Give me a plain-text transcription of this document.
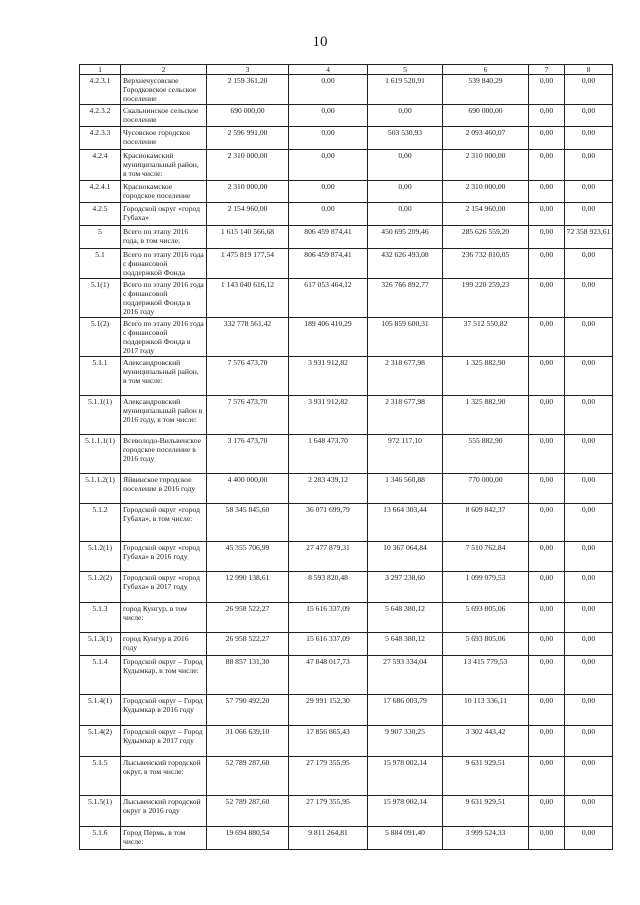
10
1	2	3	4	5	6	7	8
4.2.3.1	Верхнечусовское Городковское сельское поселение	2 159 361,20	0,00	1 619 520,91	539 840,29	0,00	0,00
4.2.3.2	Скальнинское сельское поселение	690 000,00	0,00	0,00	690 000,00	0,00	0,00
4.2.3.3	Чусовское городское поселение	2 596 991,00	0,00	503 530,93	2 093 460,07	0,00	0,00
4.2.4	Краснокамский муниципальный район, в том числе:	2 310 000,00	0,00	0,00	2 310 000,00	0,00	0,00
4.2.4.1	Краснокамское городское поселение	2 310 000,00	0,00	0,00	2 310 000,00	0,00	0,00
4.2.5	Городской округ «город Губаха»	2 154 960,00	0,00	0,00	2 154 960,00	0,00	0,00
5	Всего по этапу 2016 года, в том числе:	1 615 140 566,68	806 459 874,41	450 695 209,46	285 626 559,20	0,00	72 358 923,61
5.1	Всего по этапу 2016 года с финансовой поддержкой Фонда	1 475 819 177,54	806 459 874,41	432 626 493,08	236 732 810,05	0,00	0,00
5.1(1)	Всего по этапу 2016 года с финансовой поддержкой Фонда в 2016 году	1 143 040 616,12	617 053 464,12	326 766 892,77	199 220 259,23	0,00	0,00
5.1(2)	Всего по этапу 2016 года с финансовой поддержкой Фонда в 2017 году	332 778 561,42	189 406 410,29	105 859 600,31	37 512 550,82	0,00	0,00
5.1.1	Александровский муниципальный район, в том числе:	7 576 473,70	3 931 912,82	2 318 677,98	1 325 882,90	0,00	0,00
5.1.1(1)	Александровский муниципальный район в 2016 году, в том числе:	7 576 473,70	3 931 912,82	2 318 677,98	1 325 882,90	0,00	0,00
5.1.1.1(1)	Всеволодо-Вильвенское городское поселение в 2016 году	3 176 473,70	1 648 473,70	972 117,10	555 882,90	0,00	0,00
5.1.1.2(1)	Яйвинское городское поселение в 2016 году	4 400 000,00	2 283 439,12	1 346 560,88	770 000,00	0,00	0,00
5.1.2	Городской округ «город Губаха», в том числе:	58 345 845,60	36 071 699,79	13 664 303,44	8 609 842,37	0,00	0,00
5.1.2(1)	Городской округ «город Губаха» в 2016 году	45 355 706,99	27 477 879,31	10 367 064,84	7 510 762,84	0,00	0,00
5.1.2(2)	Городской округ «город Губаха» в 2017 году	12 990 138,61	8 593 820,48	3 297 238,60	1 099 079,53	0,00	0,00
5.1.3	город Кунгур, в том числе:	26 958 522,27	15 616 337,09	5 648 380,12	5 693 805,06	0,00	0,00
5.1.3(1)	город Кунгур в 2016 году	26 958 522,27	15 616 337,09	5 648 380,12	5 693 805,06	0,00	0,00
5.1.4	Городской округ – Город Кудымкар, в том числе:	88 857 131,30	47 848 017,73	27 593 334,04	13 415 779,53	0,00	0,00
5.1.4(1)	Городской округ – Город Кудымкар в 2016 году	57 790 492,20	29 991 152,30	17 686 003,79	10 113 336,11	0,00	0,00
5.1.4(2)	Городской округ – Город Кудымкар в 2017 году	31 066 639,10	17 856 865,43	9 907 330,25	3 302 443,42	0,00	0,00
5.1.5	Лысьвенский городской округ, в том числе:	52 789 287,60	27 179 355,95	15 978 002,14	9 631 929,51	0,00	0,00
5.1.5(1)	Лысьвенский городской округ в 2016 году	52 789 287,60	27 179 355,95	15 978 002,14	9 631 929,51	0,00	0,00
5.1.6	Город Пермь, в том числе:	19 694 880,54	9 811 264,81	5 884 091,40	3 999 524,33	0,00	0,00
